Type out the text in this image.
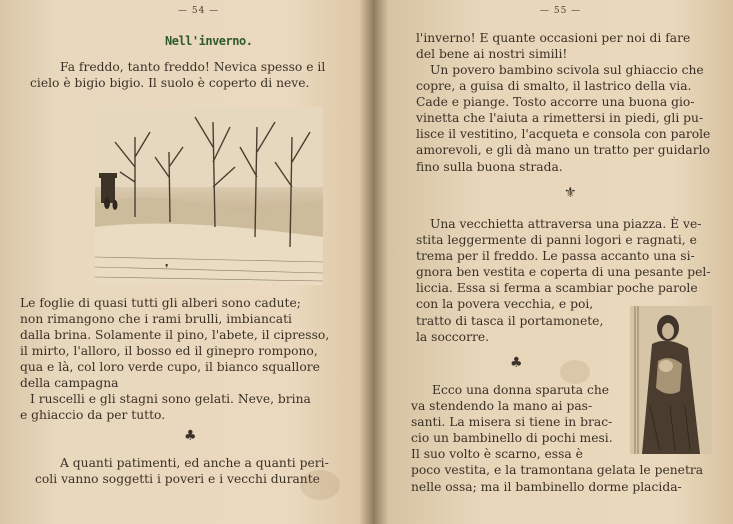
— 54 —
Nell'inverno.

Fa freddo, tanto freddo! Nevica spesso e il
cielo è bigio bigio. Il suolo è coperto di neve.

❜

Le foglie di quasi tutti gli alberi sono cadute;
non rimangono che i rami brulli, imbiancati
dalla brina. Solamente il pino, l'abete, il cipresso,
il mirto, l'alloro, il bosso ed il ginepro rompono,
qua e là, col loro verde cupo, il bianco squallore
della campagna

I ruscelli e gli stagni sono gelati. Neve, brina
e ghiaccio da per tutto.

♣

A quanti patimenti, ed anche a quanti peri-
coli vanno soggetti i poveri e i vecchi durante

— 55 —

l'inverno! E quante occasioni per noi di fare
del bene ai nostri simili!

Un povero bambino scivola sul ghiaccio che
copre, a guisa di smalto, il lastrico della via.
Cade e piange. Tosto accorre una buona gio-
vinetta che l'aiuta a rimettersi in piedi, gli pu-
lisce il vestitino, l'acqueta e consola con parole
amorevoli, e gli dà mano un tratto per guidarlo
fino sulla buona strada.

⚜

Una vecchietta attraversa una piazza. È ve-
stita leggermente di panni logori e ragnati, e
trema per il freddo. Le passa accanto una si-
gnora ben vestita e coperta di una pesante pel-
liccia. Essa si ferma a scambiar poche parole
con la povera vecchia, e poi,
tratto di tasca il portamonete,
la soccorre.

♣

Ecco una donna sparuta che
va stendendo la mano ai pas-
santi. La misera si tiene in brac-
cio un bambinello di pochi mesi.
Il suo volto è scarno, essa è
poco vestita, e la tramontana gelata le penetra
nelle ossa; ma il bambinello dorme placida-
